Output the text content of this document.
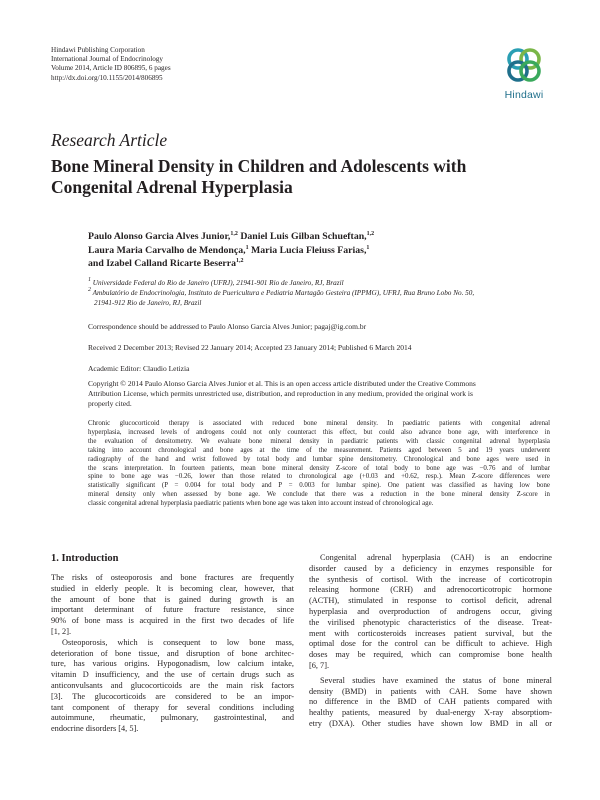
Hindawi Publishing Corporation
International Journal of Endocrinology
Volume 2014, Article ID 806895, 6 pages
http://dx.doi.org/10.1155/2014/806895
Hindawi
Research Article
Bone Mineral Density in Children and Adolescents with
Congenital Adrenal Hyperplasia
Paulo Alonso Garcia Alves Junior,$^{1,2}$ Daniel Luis Gilban Schueftan,$^{1,2}$
Laura Maria Carvalho de Mendonça,$^1$ Maria Lucia Fleiuss Farias,$^1$
and Izabel Calland Ricarte Beserra$^{1,2}$
$^1$ Universidade Federal do Rio de Janeiro (UFRJ), 21941-901 Rio de Janeiro, RJ, Brazil
$^2$ Ambulatório de Endocrinologia, Instituto de Puericultura e Pediatria Martagão Gesteira (IPPMG), UFRJ, Rua Bruno Lobo No. 50,
21941-912 Rio de Janeiro, RJ, Brazil
Correspondence should be addressed to Paulo Alonso Garcia Alves Junior; pagaj@ig.com.br
Received 2 December 2013; Revised 22 January 2014; Accepted 23 January 2014; Published 6 March 2014
Academic Editor: Claudio Letizia
Copyright © 2014 Paulo Alonso Garcia Alves Junior et al. This is an open access article distributed under the Creative Commons
Attribution License, which permits unrestricted use, distribution, and reproduction in any medium, provided the original work is
properly cited.
Chronic glucocorticoid therapy is associated with reduced bone mineral density. In paediatric patients with congenital adrenal
hyperplasia, increased levels of androgens could not only counteract this effect, but could also advance bone age, with interference in
the evaluation of densitometry. We evaluate bone mineral density in paediatric patients with classic congenital adrenal hyperplasia
taking into account chronological and bone ages at the time of the measurement. Patients aged between 5 and 19 years underwent
radiography of the hand and wrist followed by total body and lumbar spine densitometry. Chronological and bone ages were used in
the scans interpretation. In fourteen patients, mean bone mineral density Z-score of total body to bone age was −0.76 and of lumbar
spine to bone age was −0.26, lower than those related to chronological age (+0.03 and +0.62, resp.). Mean Z-score differences were
statistically significant (P = 0.004 for total body and P = 0.003 for lumbar spine). One patient was classified as having low bone
mineral density only when assessed by bone age. We conclude that there was a reduction in the bone mineral density Z-score in
classic congenital adrenal hyperplasia paediatric patients when bone age was taken into account instead of chronological age.
1. Introduction
The risks of osteoporosis and bone fractures are frequently
studied in elderly people. It is becoming clear, however, that
the amount of bone that is gained during growth is an
important determinant of future fracture resistance, since
90% of bone mass is acquired in the first two decades of life
[1, 2].
Osteoporosis, which is consequent to low bone mass,
deterioration of bone tissue, and disruption of bone architec-
ture, has various origins. Hypogonadism, low calcium intake,
vitamin D insufficiency, and the use of certain drugs such as
anticonvulsants and glucocorticoids are the main risk factors
[3]. The glucocorticoids are considered to be an impor-
tant component of therapy for several conditions including
autoimmune, rheumatic, pulmonary, gastrointestinal, and
endocrine disorders [4, 5].
Congenital adrenal hyperplasia (CAH) is an endocrine
disorder caused by a deficiency in enzymes responsible for
the synthesis of cortisol. With the increase of corticotropin
releasing hormone (CRH) and adrenocorticotropic hormone
(ACTH), stimulated in response to cortisol deficit, adrenal
hyperplasia and overproduction of androgens occur, giving
the virilised phenotypic characteristics of the disease. Treat-
ment with corticosteroids increases patient survival, but the
optimal dose for the control can be difficult to achieve. High
doses may be required, which can compromise bone health
[6, 7].
Several studies have examined the status of bone mineral
density (BMD) in patients with CAH. Some have shown
no difference in the BMD of CAH patients compared with
healthy patients, measured by dual-energy X-ray absorptiom-
etry (DXA). Other studies have shown low BMD in all or
